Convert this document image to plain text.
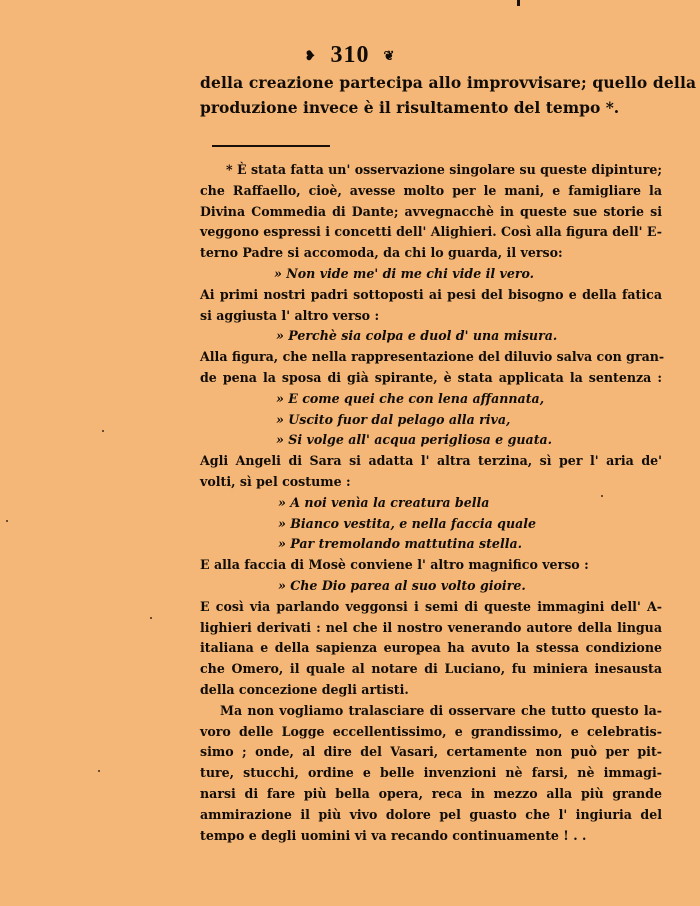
❥ 310 ❦
della creazione partecipa allo improvvisare; quello della
produzione invece è il risultamento del tempo *.
* È stata fatta un' osservazione singolare su queste dipinture;
che Raffaello, cioè, avesse molto per le mani, e famigliare la
Divina Commedia di Dante; avvegnacchè in queste sue storie si
veggono espressi i concetti dell' Alighieri. Così alla figura dell' E-
terno Padre si accomoda, da chi lo guarda, il verso:
» Non vide me' di me chi vide il vero.
Ai primi nostri padri sottoposti ai pesi del bisogno e della fatica
si aggiusta l' altro verso :
» Perchè sia colpa e duol d' una misura.
Alla figura, che nella rappresentazione del diluvio salva con gran-
de pena la sposa di già spirante, è stata applicata la sentenza :
» E come quei che con lena affannata,
» Uscito fuor dal pelago alla riva,
» Si volge all' acqua perigliosa e guata.
Agli Angeli di Sara si adatta l' altra terzina, sì per l' aria de'
volti, sì pel costume :
» A noi venìa la creatura bella
» Bianco vestita, e nella faccia quale
» Par tremolando mattutina stella.
E alla faccia di Mosè conviene l' altro magnifico verso :
» Che Dio parea al suo volto gioire.
E così via parlando veggonsi i semi di queste immagini dell' A-
lighieri derivati : nel che il nostro venerando autore della lingua
italiana e della sapienza europea ha avuto la stessa condizione
che Omero, il quale al notare di Luciano, fu miniera inesausta
della concezione degli artisti.
Ma non vogliamo tralasciare di osservare che tutto questo la-
voro delle Logge eccellentissimo, e grandissimo, e celebratis-
simo ; onde, al dire del Vasari, certamente non può per pit-
ture, stucchi, ordine e belle invenzioni nè farsi, nè immagi-
narsi di fare più bella opera, reca in mezzo alla più grande
ammirazione il più vivo dolore pel guasto che l' ingiuria del
tempo e degli uomini vi va recando continuamente ! . .
